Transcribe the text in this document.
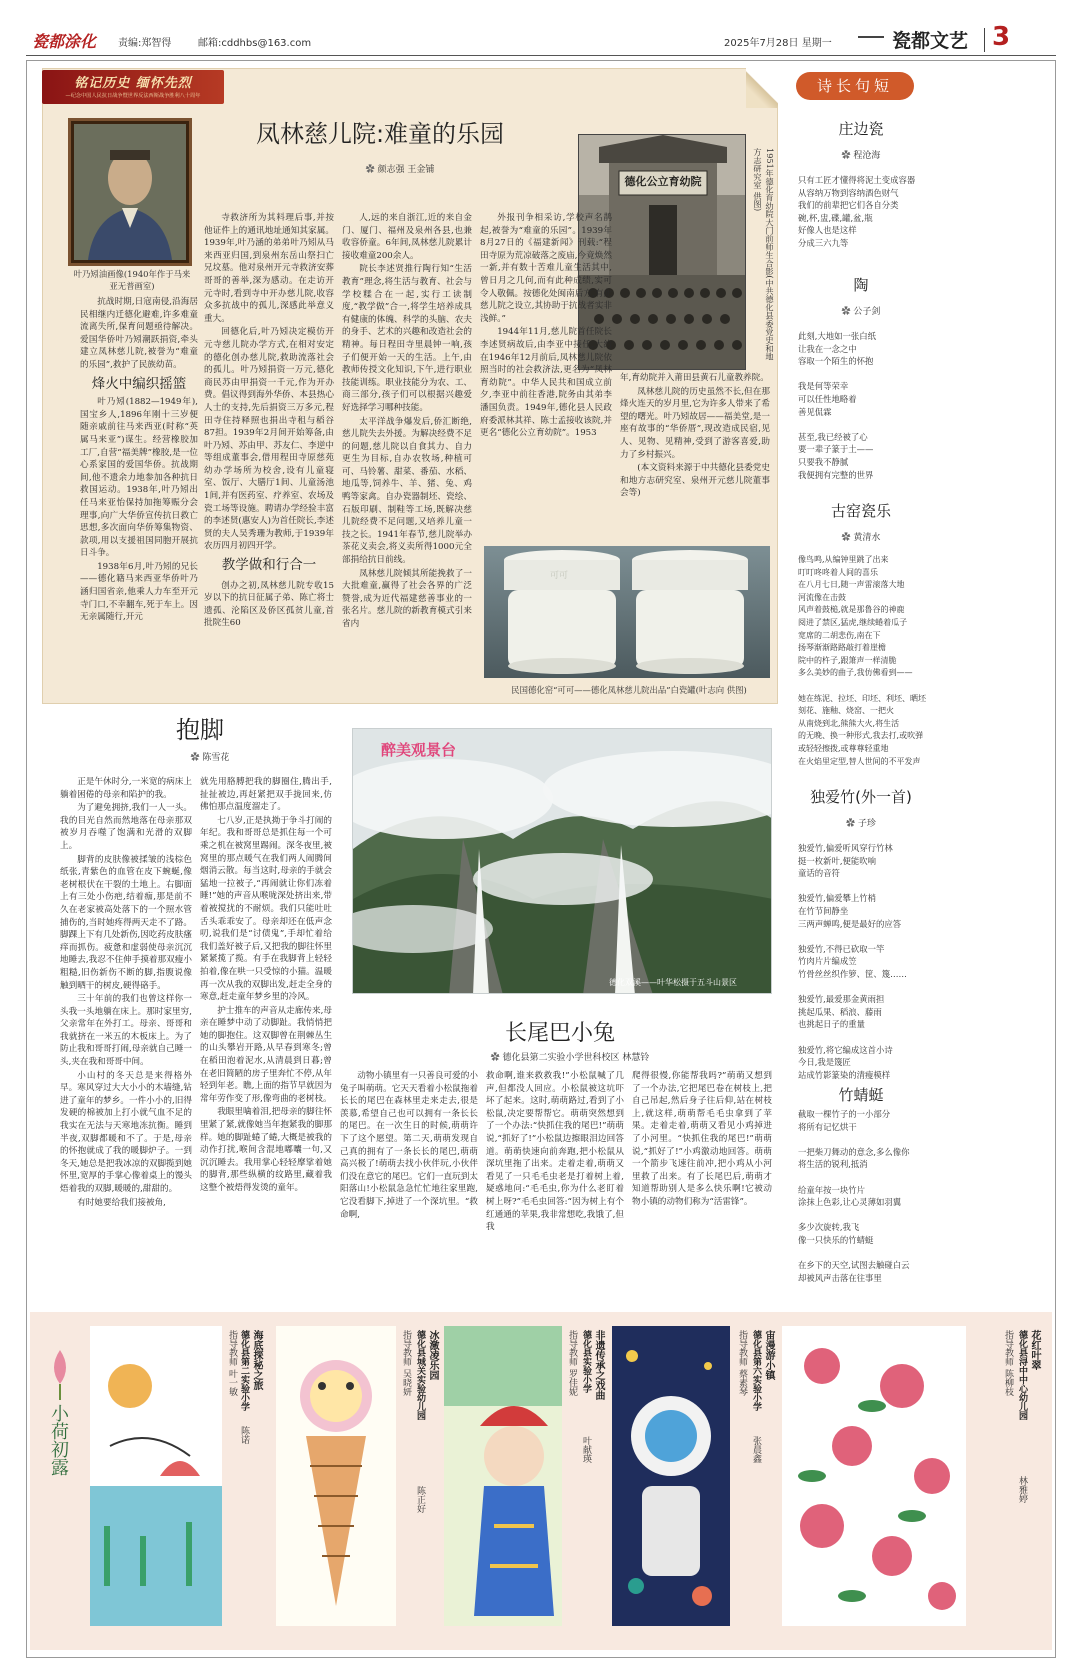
瓷都涂化 责编:郑智得	邮箱:cddhbs@163.com	2025年7月28日 星期一	瓷都文艺 3
铭记历史 缅怀先烈
—纪念中国人民抗日战争暨世界反法西斯战争胜利八十周年
叶乃矧油画像(1940年作于马来亚无普画室)
凤林慈儿院:难童的乐园
✿ 颜志强 王金铺
德化公立育幼院	1951年德化育幼院大门前师生合影(中共德化县委党史和地方志研究室 供图)

抗战时期,日寇南侵,沿海居民相继内迁德化避难,许多难童流离失所,保育问题亟待解决。爱国华侨叶乃矧潮跃捐资,牵头建立凤林慈儿院,被誉为“难童的乐园”,救护了民族幼苗。

烽火中编织摇篮

叶乃矧(1882—1949年),国宝乡人,1896年刚十三岁便随亲戚前往马来西亚(时称“英属马来亚”)谋生。经营橡胶加工厂,自营“福美牌”橡胶,是一位心系家国的爱国华侨。抗战期间,他不遗余力地参加各种抗日救国运动。1938年,叶乃矧出任马来亚怡保持加拖筹赈分会理事,向广大华侨宣传抗日救亡思想,多次面向华侨筹集物资、款项,用以支援祖国同胞开展抗日斗争。

1938年6月,叶乃矧的兄长——德化籍马来西亚华侨叶乃涵归国省亲,他乘人力车至开元寺门口,不幸翻车,死于车上。因无亲属随行,开元

寺救济所为其料理后事,并按他证件上的通讯地址通知其家属。1939年,叶乃涵的弟弟叶乃矧从马来西亚归国,到泉州东岳山祭扫亡兄坟墓。他对泉州开元寺救济安葬哥哥的善举,深为感动。在走访开元寺时,看到寺中开办慈儿院,收容众多抗战中的孤儿,深感此举意义重大。

回德化后,叶乃矧决定模仿开元寺慈儿院办学方式,在相对安定的德化创办慈儿院,救助流落社会的孤儿。叶乃矧捐资一万元,德化商民苏由甲捐资一千元,作为开办费。倡议得到海外华侨、本县热心人士的支持,先后捐资三万多元,程田寺住持释照也捐出寺租与稻谷87担。1939年2月间开始筹备,由叶乃矧、苏由甲、苏友仁、李逆中等组成董事会,借用程田寺原慈苑幼办学场所为校舍,设有儿童寝室、饭厅、大膳厅1间、儿童汤池1间,并有医药室、疗养室、农场及瓷工场等设施。聘请办学经验丰富的李述贤(惠安人)为首任院长,李述贤的夫人吴秀珊为教师,于1939年农历四月初四开学。

教学做和行合一

创办之初,凤林慈儿院专收15岁以下的抗日征属子弟、陈亡将士遗孤、沦陷区及侨区孤贫儿童,首批院生60

人,远的来自浙江,近的来自金门、厦门、福州及泉州各县,也兼收容侨童。6年间,凤林慈儿院累计接收难童200余人。

院长李述贤推行陶行知“生活教育”理念,将生活与教育、社会与学校糅合在一起,实行工读制度,“教学做”合一,将学生培养成具有健康的体魄、科学的头脑、农夫的身手、艺术的兴趣和改造社会的精神。每日程田寺里晨钟一响,孩子们便开始一天的生活。上午,由教师传授文化知识,下午,进行职业技能训练。职业技能分为农、工、商三部分,孩子们可以根据兴趣爱好选择学习哪种技能。

太平洋战争爆发后,侨汇断绝,慈儿院失去外援。为解决经费不足的问题,慈儿院以自食其力、自力更生为目标,自办农牧场,种植可可、马铃薯、甜菜、番茄、水稻、地瓜等,饲养牛、羊、猪、兔、鸡鸭等家禽。自办瓷器制坯、瓷绘、石版印刷、制鞋等工场,既解决慈儿院经费不足问题,又培养儿童一技之长。1941年春节,慈儿院举办茶花义卖会,将义卖所得1000元全部捐给抗日前线。

凤林慈儿院倾其所能挽救了一大批难童,赢得了社会各界的广泛赞誉,成为近代福建慈善事业的一张名片。慈儿院的新教育模式引来省内

外报刊争相采访,学校声名鹊起,被誉为“难童的乐园”。1939年8月27日的《福建新闻》刊载:“程田寺原为荒凉破落之废庙,今竟焕然一新,并有数十苦难儿童生活其中,曾日月之几何,而有此种成绩,实可令人敬佩。按德化处闽南后方,有此慈儿院之设立,其协助于抗战者实非浅鲜。”

1944年11月,慈儿院首任院长李述贤病故后,由李亚中接任,大约在1946年12月前后,凤林慈儿院依照当时的社会救济法,更名为“凤林育幼院”。中华人民共和国成立前夕,李亚中前往香港,院务由其弟李潘国负责。1949年,德化县人民政府委派林其祥、陈士孟接收该院,并更名“德化公立育幼院”。1953

年,育幼院并入莆田县黄石儿童教养院。

凤林慈儿院的历史虽然不长,但在那烽火连天的岁月里,它为许多人带来了希望的曙光。叶乃矧故居——福美堂,是一座有故事的“华侨厝”,现改造成民宿,见人、见物、见精神,受到了游客喜爱,助力了乡村振兴。

(本文资料来源于中共德化县委党史和地方志研究室、泉州开元慈儿院董事会等)

可可
民国德化窑“可可——德化凤林慈儿院出品”白瓷罐(叶志向 供图)
诗长句短
庄边瓷
✿ 程沧海
只有工匠才懂得将泥土变成容器
从容纳万物到容纳酒色财气
我们的前辈把它们各自分类
碗,杯,盅,碟,罐,盆,瓶
好像人也是这样
分成三六九等
陶
✿ 公子剑
此刻,大地如一张白纸
让我在一念之中
容取一个陌生的怀抱

我是何等荣幸
可以任性地略着
善见侃霖

甚至,我已经被了心
要一辈子篆于土——
只要我不静腻
我便拥有完整的世界
古窑瓷乐
✿ 黄清水
像鸟鸣,从编钟里跳了出来
叮叮咚咚着人间的喜乐
在八月七日,随一声雷滚落大地
河流像在击鼓
风声着鼓槌,就是那鲁谷的神鹿
阅进了禁区,猛虎,继续蜷着瓜子
宽席的二胡悲伤,南在下
扬琴渐渐路路敲打着崖檐
院中的杵子,跟箫声一样清脆
多么美妙的曲子,我仿佛看到——

她在练泥、拉坯、印坯、利坯、晒坯
刻花、施釉、烧窑、一把火
从南烧到北,熊熊大火,将生活
的无晚、换一种形式,我去打,或吹弹
或轻轻擦拨,或尊尊轻重地
在火焰里定型,替人世间的不平发声
独爱竹(外一首)
✿ 子珍
独爱竹,偏爱听风穿行竹林
挺一枚新叶,便能吹响
童话的音符

独爱竹,偏爱攀上竹梢
在竹节间静坐
三两声蝉鸣,便是最好的应答

独爱竹,不得已砍取一竿
竹肉片片编成笠
竹骨丝丝织作箩、筐、篾……

独爱竹,最爱那金黄雨担
挑起瓜果、稻浪、藤雨
也挑起日子的重量

独爱竹,将它编成这首小诗
今日,我是篾匠
站成竹影篆染的清瘦模样
竹蜻蜓
截取一棵竹子的一小部分
将所有记忆烘干

一把柴刀舞动的意念,多么像你
将生活的锐利,抵消

给童年按一块竹片
涂抹上色彩,让心灵薄如羽翼

多少次旋转,我飞
像一只快乐的竹蜻蜓

在乡下的天空,试图去触碰白云
却被风声击落在往事里
抱脚
✿ 陈雪花

正是午休时分,一米宽的病床上躺着困倦的母亲和陷护的我。

为了避免拥挤,我们一人一头。我的目光自然而然地落在母亲那双被岁月吞噬了饱满和光滑的双脚上。

脚背的皮肤像被揉皱的浅棕色纸张,青紫色的血管在皮下蜿蜒,像老树根伏在干裂的土地上。右脚面上有三处小伤疤,结着痂,那是前不久在老家被高处落下的一个照水管捕伤的,当时她疼得两天走不了路。脚踝上下有几处新伤,因吃药皮肤瘙痒而抓伤。疲惫和虚弱使母亲沉沉地睡去,我忍不住伸手摸着那双瘦小粗糙,旧伤新伤不断的脚,指腹说像触到晒干的树皮,硬得硌手。

三十年前的我们也曾这样你一头我一头地躺在床上。那时家里穷,父亲常年在外打工。母亲、哥哥和我就挤在一米五的木板床上。为了防止我和哥哥打闹,母亲就自己睡一头,夹在我和哥哥中间。

小山村的冬天总是来得格外早。寒风穿过大大小小的木墙缝,钻进了童年的梦乡。一件小小的,旧得发硬的棉被加上打小就气血不足的我实在无法与天寒地冻抗衡。睡到半夜,双脚都暖和不了。于是,母亲的怀抱就成了我的暖脚炉子。一到冬天,她总是把我冰凉的双脚揽到她怀里,宽厚的手掌心像着桌上的馒头焐着我的双脚,暖暖的,甜甜的。

有时她要给我们接被角,

就先用胳膊把我的脚圈住,腾出手,扯扯被边,再赶紧把双手拢回来,仿佛怕那点温度溜走了。

七八岁,正是执拗于争斗打闹的年纪。我和哥哥总是抓住每一个可乘之机在被窝里踢闹。深冬夜里,被窝里的那点暖气在我们两人闹腾间烟消云散。每当这时,母亲的手就会猛地一拉被子,“再闹就让你们冻着睡!”她的声音从喉咙深处挤出来,带着被搅扰的不耐烦。我们只能吐吐舌头乖乖安了。母亲却还在低声念叨,说我们是“讨债鬼”,手却忙着给我们盖好被子后,又把我的脚往怀里紧紧揽了揽。有手在我脚背上轻轻拍着,像在哄一只受惊的小猫。温暖再一次从我的双脚出发,赶走全身的寒意,赶走童年梦乡里的冷风。

护士推车的声音从走廊传来,母亲在睡梦中动了动脚趾。我悄悄把她的脚抱住。这双脚曾在荆棘丛生的山头攀岩开路,从早春到寒冬;曾在稻田泡着泥水,从清晨到日暮;曾在老旧简陋的房子里奔忙不停,从年轻到年老。瞧,上面的指节早就因为常年劳作变了形,像弯曲的老树枝。

我眼里噙着泪,把母亲的脚往怀里紧了紧,就像她当年抱紧我的脚那样。她的脚趾蜷了蜷,大概是被我的动作打扰,喉间含混地嘟囔一句,又沉沉睡去。我用掌心轻轻摩挲着她的脚背,那些纵横的纹路里,藏着我这整个被焐得发烫的童年。

醉美观景台
德化双溪——叶华松摄于五斗山景区
长尾巴小兔
✿ 德化县第二实验小学世科校区 林慧铃

动物小镇里有一只善良可爱的小兔子叫萌萌。它天天看着小松鼠拖着长长的尾巴在森林里走来走去,很是羡慕,希望自己也可以拥有一条长长的尾巴。在一次生日的时候,萌萌许下了这个愿望。第二天,萌萌发现自己真的拥有了一条长长的尾巴,萌萌高兴极了!萌萌去找小伙伴玩,小伙伴们没在意它的尾巴。它们一直玩到太阳落山!小松鼠急急忙忙地往家里跑,它没看脚下,掉进了一个深坑里。“救命啊,

救命啊,谁来救救我!”小松鼠喊了几声,但都没人回应。小松鼠被这坑吓坏了起来。这时,萌萌路过,看到了小松鼠,决定要帮帮它。萌萌突然想到了一个办法:“快抓住我的尾巴!”萌萌说,“抓好了!”小松鼠边擦眼泪边回答道。萌萌快速向前奔跑,把小松鼠从深坑里拖了出来。走着走着,萌萌又看见了一只毛毛虫老是打着树上着,疑惑地问:“毛毛虫,你为什么老盯着树上呀?”毛毛虫回答:“因为树上有个红通通的苹果,我非常想吃,我饿了,但我

爬得很慢,你能帮我吗?”萌萌又想到了一个办法,它把尾巴卷在树枝上,把自己吊起,然后身子往后仰,站在树枝上,就这样,萌萌帮毛毛虫拿到了苹果。走着走着,萌萌又看见小鸡掉进了小河里。“快抓住我的尾巴!”萌萌说,“抓好了!”小鸡激动地回答。萌萌一个箭步飞速往前冲,把小鸡从小河里救了出来。有了长尾巴后,萌萌才知道帮助别人是多么快乐啊!它被动物小镇的动物们称为“活雷锋”。

小荷初露
海底探秘之旅
德化县第二实验小学
陈诺
指导教师 叶一敏	冰激凌乐园
德化县城关实验幼儿园
陈正好
指导教师 吴晓妍	非遗传承之戏曲
德化县实验小学
叶献瑛
指导教师 罗佳妮	宙漫游小镇
德化县第六实验小学
张晨鑫
指导教师 蔡素琴	花红叶翠
德化县浔中中心幼儿园
林雅婷
指导教师 陈柳枝
